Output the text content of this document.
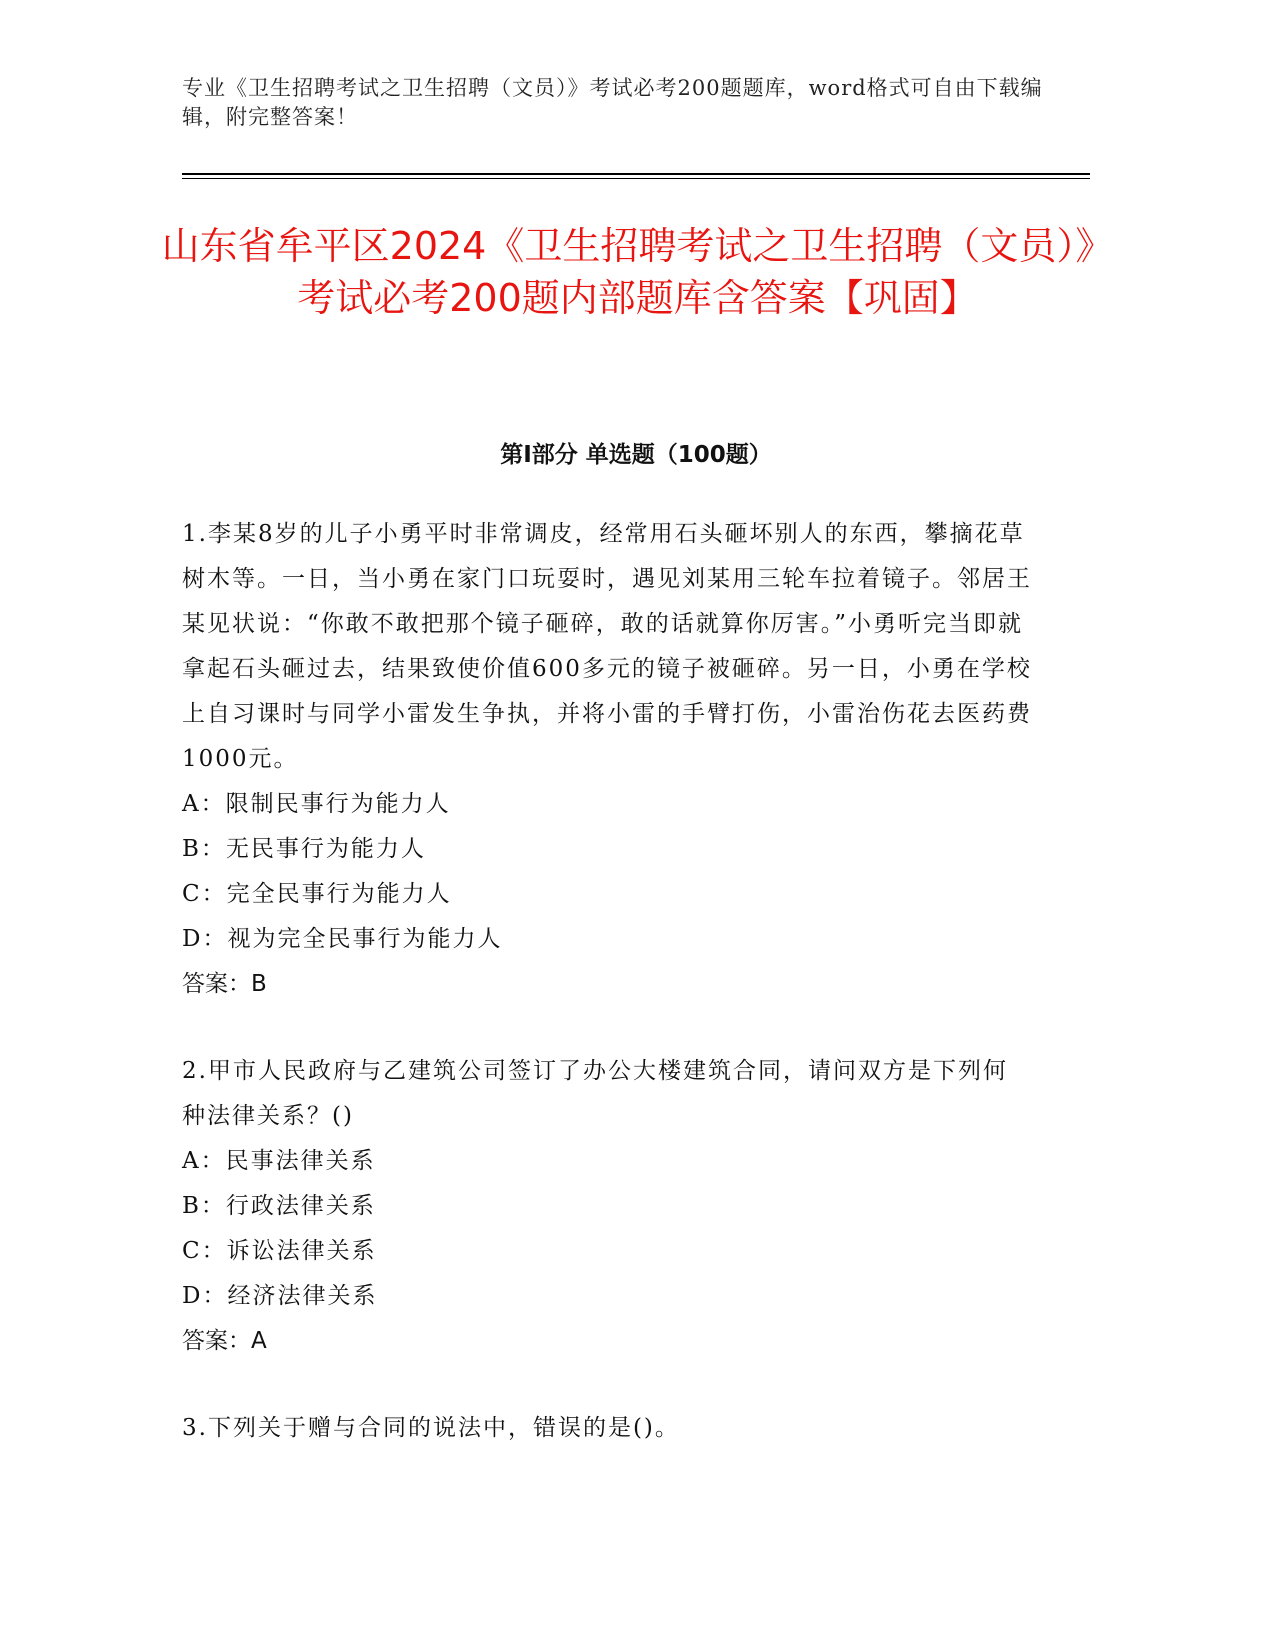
专业《卫生招聘考试之卫生招聘（文员）》考试必考200题题库，word格式可自由下载编辑，附完整答案！
山东省牟平区2024《卫生招聘考试之卫生招聘（文员）》考试必考200题内部题库含答案【巩固】
第Ⅰ部分 单选题（100题）

1.李某8岁的儿子小勇平时非常调皮，经常用石头砸坏别人的东西，攀摘花草树木等。一日，当小勇在家门口玩耍时，遇见刘某用三轮车拉着镜子。邻居王某见状说：“你敢不敢把那个镜子砸碎，敢的话就算你厉害。”小勇听完当即就拿起石头砸过去，结果致使价值600多元的镜子被砸碎。另一日，小勇在学校上自习课时与同学小雷发生争执，并将小雷的手臂打伤，小雷治伤花去医药费1000元。

A：限制民事行为能力人

B：无民事行为能力人

C：完全民事行为能力人

D：视为完全民事行为能力人

答案：B

2.甲市人民政府与乙建筑公司签订了办公大楼建筑合同，请问双方是下列何种法律关系？()

A：民事法律关系

B：行政法律关系

C：诉讼法律关系

D：经济法律关系

答案：A

3.下列关于赠与合同的说法中，错误的是()。
